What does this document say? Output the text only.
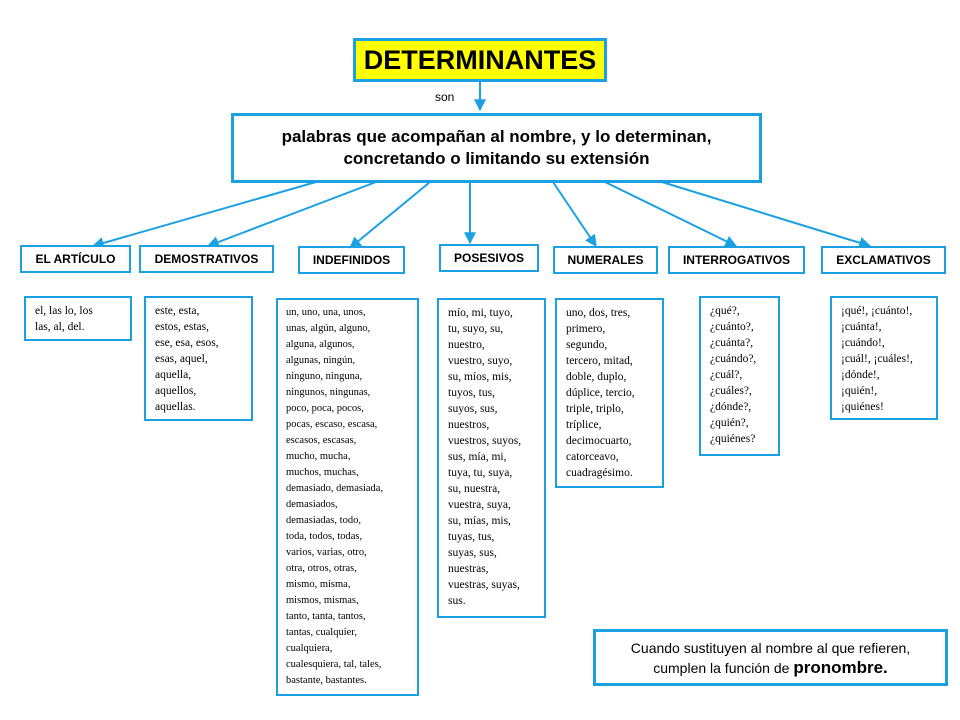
DETERMINANTES
son
palabras que acompañan al nombre, y lo determinan,
concretando o limitando su extensión
EL ARTÍCULO	DEMOSTRATIVOS	INDEFINIDOS	POSESIVOS	NUMERALES	INTERROGATIVOS	EXCLAMATIVOS
el, las lo, los
las, al, del.
este, esta,
estos, estas,
ese, esa, esos,
esas, aquel,
aquella,
aquellos,
aquellas.
un, uno, una, unos,
unas, algún, alguno,
alguna, algunos,
algunas, ningún,
ninguno, ninguna,
ningunos, ningunas,
poco, poca, pocos,
pocas, escaso, escasa,
escasos, escasas,
mucho, mucha,
muchos, muchas,
demasiado, demasiada,
demasiados,
demasiadas, todo,
toda, todos, todas,
varios, varias, otro,
otra, otros, otras,
mismo, misma,
mismos, mismas,
tanto, tanta, tantos,
tantas, cualquier,
cualquiera,
cualesquiera, tal, tales,
bastante, bastantes.
mío, mi, tuyo,
tu, suyo, su,
nuestro,
vuestro, suyo,
su, míos, mis,
tuyos, tus,
suyos, sus,
nuestros,
vuestros, suyos,
sus, mía, mi,
tuya, tu, suya,
su, nuestra,
vuestra, suya,
su, mías, mis,
tuyas, tus,
suyas, sus,
nuestras,
vuestras, suyas,
sus.
uno, dos, tres,
primero,
segundo,
tercero, mitad,
doble, duplo,
dúplice, tercio,
triple, triplo,
tríplice,
decimocuarto,
catorceavo,
cuadragésimo.
¿qué?,
¿cuánto?,
¿cuánta?,
¿cuándo?,
¿cuál?,
¿cuáles?,
¿dónde?,
¿quién?,
¿quiénes?
¡qué!, ¡cuánto!,
¡cuánta!,
¡cuándo!,
¡cuál!, ¡cuáles!,
¡dónde!,
¡quién!,
¡quiénes!
Cuando sustituyen al nombre al que refieren,
cumplen la función de pronombre.
